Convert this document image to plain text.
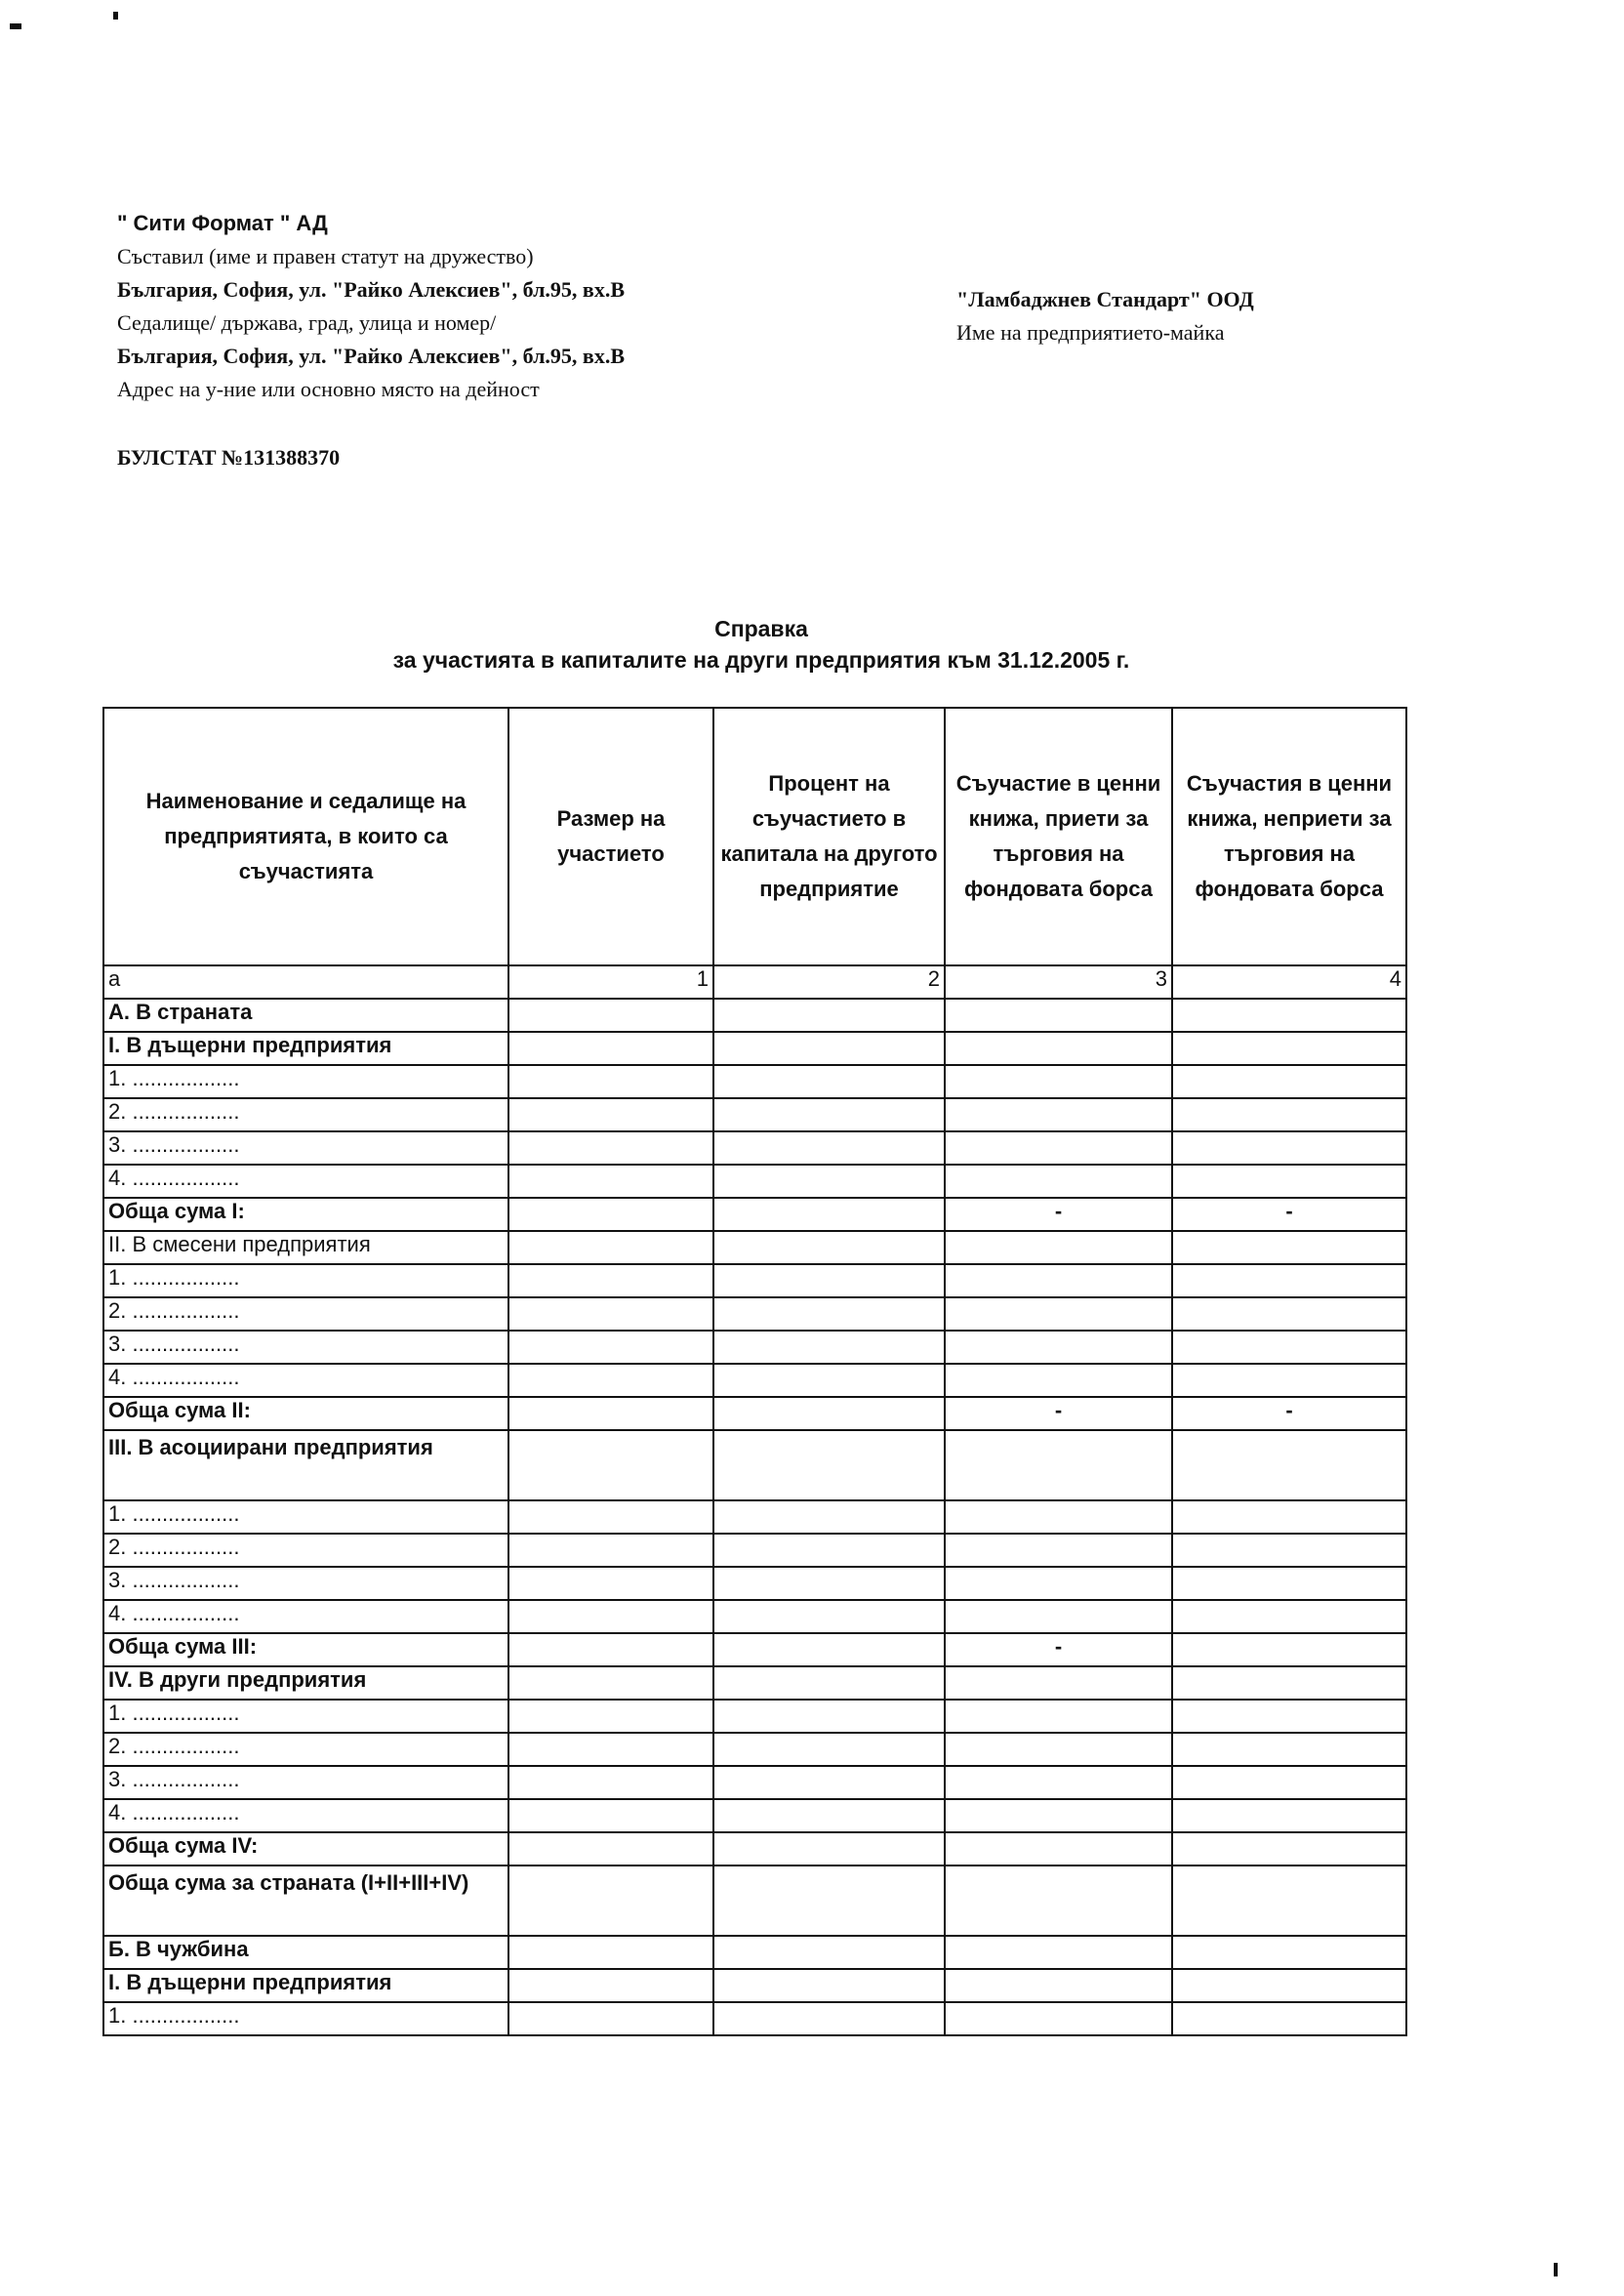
" Сити Формат " АД
Съставил (име и правен статут на дружество)
България, София, ул. "Райко Алексиев", бл.95, вх.В
Седалище/ държава, град, улица и номер/
България, София, ул. "Райко Алексиев", бл.95, вх.В
Адрес на у-ние или основно място на дейност
БУЛСТАТ №131388370
"Ламбаджнев Стандарт" ООД
Име на предприятието-майка
Справка
за участията в капиталите на други предприятия към 31.12.2005 г.
Наименование и седалище на предприятията, в които са съучастията	Размер на участието	Процент на съучастието в капитала на другото предприятие	Съучастие в ценни книжа, приети за търговия на фондовата борса	Съучастия в ценни книжа, неприети за търговия на фондовата борса
а	1	2	3	4
А. В страната				
I. В дъщерни предприятия				
1. ..................				
2. ..................				
3. ..................				
4. ..................				
Обща сума I:			-	-
II. В смесени предприятия				
1. ..................				
2. ..................				
3. ..................				
4. ..................				
Обща сума II:			-	-
III. В асоциирани предприятия				
1. ..................				
2. ..................				
3. ..................				
4. ..................				
Обща сума III:			-	
IV. В други предприятия				
1. ..................				
2. ..................				
3. ..................				
4. ..................				
Обща сума IV:				
Обща сума за страната (I+II+III+IV)				
Б. В чужбина				
I. В дъщерни предприятия				
1. ..................				
